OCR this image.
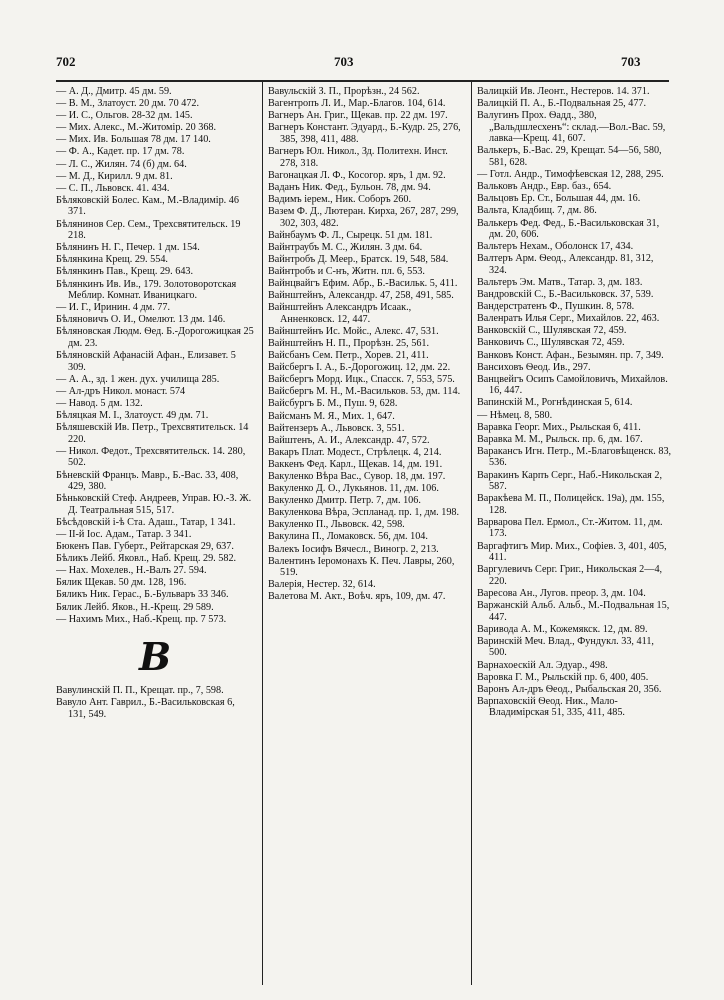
702	703	703
— А. Д., Дмитр. 45 дм. 59.
— В. М., Златоуст. 20 дм. 70 472.
— И. С., Ольгов. 28-32 дм. 145.
— Мих. Алекс., М.-Житомір. 20 368.
— Мих. Ив. Большая 78 дм. 17 140.
— Ф. А., Кадет. пр. 17 дм. 78.
— Л. С., Жилян. 74 (б) дм. 64.
— М. Д., Кирилл. 9 дм. 81.
— С. П., Львовск. 41. 434.
Бѣляковскій Болес. Кам., М.-Владимір. 46 371.
Бѣлянинов Сер. Сем., Трехсвятительск. 19 218.
Бѣлянинъ Н. Г., Печер. 1 дм. 154.
Бѣлянкина Крещ. 29. 554.
Бѣлянкинъ Пав., Крещ. 29. 643.
Бѣлянкинъ Ив. Ив., 179. Золотоворотская Меблир. Комнат. Иваницкаго.
— И. Г., Иринин. 4 дм. 77.
Бѣляновичъ О. И., Омелют. 13 дм. 146.
Бѣляновская Людм. Ѳед. Б.-Дорогожицкая 25 дм. 23.
Бѣляновскій Афанасій Афан., Елизавет. 5 309.
— А. А., зд. 1 жен. дух. училища 285.
— Ал-дръ Никол. монаст. 574
— Навод. 5 дм. 132.
Бѣляцкая М. І., Златоуст. 49 дм. 71.
Бѣляшевскій Ив. Петр., Трехсвятительск. 14 220.
— Никол. Федот., Трехсвятительск. 14. 280, 502.
Бѣневскій Францъ. Мавр., Б.-Вас. 33, 408, 429, 380.
Бѣньковскій Стеф. Андреев, Управ. Ю.-З. Ж. Д. Театральная 515, 517.
Бѣсѣдовскій і-ѣ Ста. Адаш., Татар, 1 341.
— ІІ-й Іос. Адам., Татар. 3 341.
Бюкенъ Пав. Губерт., Рейтарская 29, 637.
Бѣликъ Лейб. Яковл., Наб. Крещ. 29. 582.
— Нах. Мохелев., Н.-Валъ 27. 594.
Бялик Щекав. 50 дм. 128, 196.
Бяликъ Ник. Герас., Б.-Бульваръ 33 346.
Бялик Лейб. Яков., Н.-Крещ. 29 589.
— Нахимъ Мих., Наб.-Крещ. пр. 7 573.
В
Вавулинскій П. П., Крещат. пр., 7, 598.
Вавуло Ант. Гаврил., Б.-Васильковская 6, 131, 549.
Вавульскій З. П., Прорѣзн., 24 562.
Вагентропъ Л. И., Мар.-Благов. 104, 614.
Вагнеръ Ан. Григ., Щекав. пр. 22 дм. 197.
Вагнеръ Констант. Эдуард., Б.-Кудр. 25, 276, 385, 398, 411, 488.
Вагнеръ Юл. Никол., Зд. Политехн. Инст. 278, 318.
Вагонацкая Л. Ф., Косогор. яръ, 1 дм. 92.
Ваданъ Ник. Фед., Бульон. 78, дм. 94.
Вадимъ іерем., Ник. Соборъ 260.
Вазем Ф. Д., Лютеран. Кирха, 267, 287, 299, 302, 303, 482.
Вайнбаумъ Ф. Л., Сырецк. 51 дм. 181.
Вайнтраубъ М. С., Жилян. 3 дм. 64.
Вайнтробъ Д. Меер., Братск. 19, 548, 584.
Вайнтробъ и С-нъ, Житн. пл. 6, 553.
Вайнцвайгъ Ефим. Абр., Б.-Васильк. 5, 411.
Вайнштейнъ, Александр. 47, 258, 491, 585.
Вайнштейнъ Александръ Исаак., Анненковск. 12, 447.
Вайнштейнъ Ис. Мойс., Алекс. 47, 531.
Вайнштейнъ Н. П., Прорѣзн. 25, 561.
Вайсбанъ Сем. Петр., Хорев. 21, 411.
Вайсбергъ І. А., Б.-Дорогожиц. 12, дм. 22.
Вайсбергъ Морд. Ицк., Спасск. 7, 553, 575.
Вайсбергъ М. Н., М.-Васильков. 53, дм. 114.
Вайсбургъ Б. М., Пуш. 9, 628.
Вайсманъ М. Я., Мих. 1, 647.
Вайтензеръ А., Львовск. 3, 551.
Вайштенъ, А. И., Александр. 47, 572.
Вакаръ Плат. Модест., Стрѣлецк. 4, 214.
Ваккенъ Фед. Карл., Щекав. 14, дм. 191.
Вакуленко Вѣра Вас., Сувор. 18, дм. 197.
Вакуленко Д. О., Лукьянов. 11, дм. 106.
Вакуленко Дмитр. Петр. 7, дм. 106.
Вакуленкова Вѣра, Эспланад. пр. 1, дм. 198.
Вакуленко П., Львовск. 42, 598.
Вакулина П., Ломаковск. 56, дм. 104.
Валекъ Іосифъ Вячесл., Виногр. 2, 213.
Валентинъ Іеромонахъ К. Печ. Лавры, 260, 519.
Валерія, Нестер. 32, 614.
Валетова М. Акт., Воѣч. яръ, 109, дм. 47.
Валицкій Ив. Леонт., Нестеров. 14. 371.
Валицкій П. А., Б.-Подвальная 25, 477.
Валугинъ Прох. Ѳадд., 380, „Вальдшлесхенъ“: склад.—Вол.-Вас. 59, лавка—Крещ. 41, 607.
Валькеръ, Б.-Вас. 29, Крещат. 54—56, 580, 581, 628.
— Готл. Андр., Тимофѣевская 12, 288, 295.
Вальковъ Андр., Евр. баз., 654.
Вальцовъ Ер. Ст., Большая 44, дм. 16.
Вальта, Кладбищ. 7, дм. 86.
Валькеръ Фед. Фед., Б.-Васильковская 31, дм. 20, 606.
Вальтеръ Нехам., Оболонск 17, 434.
Валтеръ Арм. Ѳеод., Александр. 81, 312, 324.
Вальтеръ Эм. Матв., Татар. 3, дм. 183.
Вандровскій С., Б.-Васильковск. 37, 539.
Вандерстратенъ Ф., Пушкин. 8, 578.
Валенратъ Илья Серг., Михайлов. 22, 463.
Ванковскій С., Шулявская 72, 459.
Ванковичъ С., Шулявская 72, 459.
Ванковъ Конст. Афан., Безымян. пр. 7, 349.
Вансиховъ Ѳеод. Ив., 297.
Ванцвейгъ Осипъ Самойловичъ, Михайлов. 16, 447.
Вапинскій М., Рогнѣдинская 5, 614.
— Нѣмец. 8, 580.
Варавка Георг. Мих., Рыльская 6, 411.
Варавка М. М., Рыльск. пр. 6, дм. 167.
Варакансъ Игн. Петр., М.-Благовѣщенск. 83, 536.
Варакинъ Карпъ Серг., Наб.-Никольская 2, 587.
Варакѣева М. П., Полицейск. 19а), дм. 155, 128.
Варварова Пел. Ермол., Ст.-Житом. 11, дм. 173.
Варгафтигъ Мир. Мих., Софіев. 3, 401, 405, 411.
Варгулевичъ Серг. Григ., Никольская 2—4, 220.
Варесова Ан., Лугов. преор. 3, дм. 104.
Варжанскій Альб. Альб., М.-Подвальная 15, 447.
Варивода А. М., Кожемякск. 12, дм. 89.
Варинскій Меч. Влад., Фундукл. 33, 411, 500.
Варнахоескій Ал. Эдуар., 498.
Варовка Г. М., Рыльскій пр. 6, 400, 405.
Варонъ Ал-дръ Ѳеод., Рыбальская 20, 356.
Варпаховскій Ѳеод. Ник., Мало-Владимірская 51, 335, 411, 485.
